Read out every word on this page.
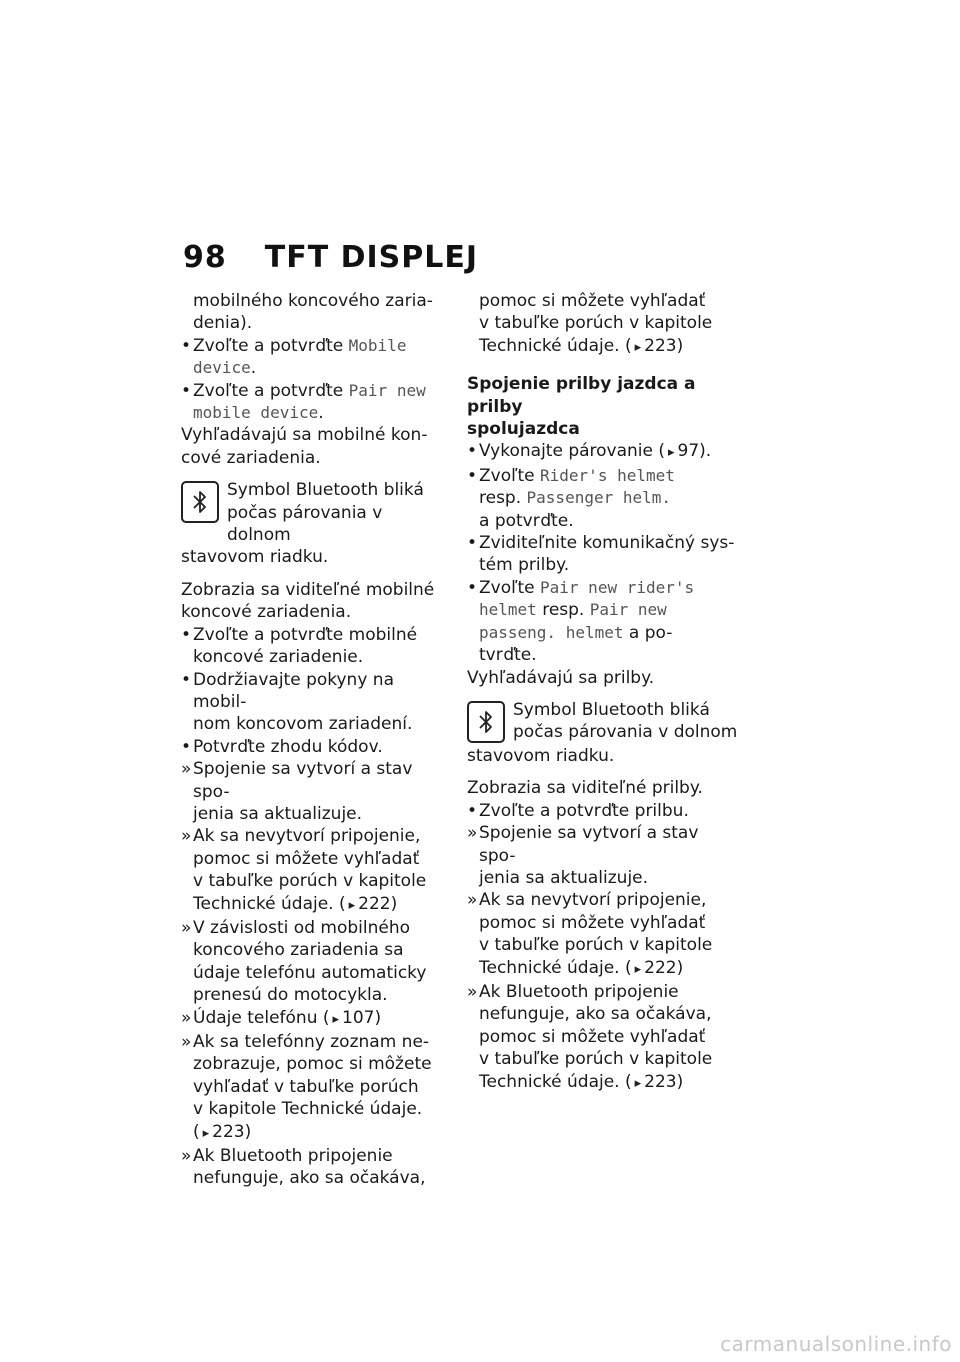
98 TFT DISPLEJ

mobilného koncového zaria-

denia).

• Zvoľte a potvrďte Mobile
device.
• Zvoľte a potvrďte Pair new
mobile device.

Vyhľadávajú sa mobilné kon-

cové zariadenia.

Symbol Bluetooth bliká
počas párovania v dolnom
stavovom riadku.

Zobrazia sa viditeľné mobilné

koncové zariadenia.

• Zvoľte a potvrďte mobilné
koncové zariadenie.
• Dodržiavajte pokyny na mobil-
nom koncovom zariadení.
• Potvrďte zhodu kódov.
» Spojenie sa vytvorí a stav spo-
jenia sa aktualizuje.
» Ak sa nevytvorí pripojenie,
pomoc si môžete vyhľadať
v tabuľke porúch v kapitole
Technické údaje. ( ▸ 222)
» V závislosti od mobilného
koncového zariadenia sa
údaje telefónu automaticky
prenesú do motocykla.
» Údaje telefónu ( ▸ 107)
» Ak sa telefónny zoznam ne-
zobrazuje, pomoc si môžete
vyhľadať v tabuľke porúch
v kapitole Technické údaje.
( ▸ 223)
» Ak Bluetooth pripojenie
nefunguje, ako sa očakáva,

pomoc si môžete vyhľadať

v tabuľke porúch v kapitole

Technické údaje. ( ▸ 223)

Spojenie prilby jazdca a prilby

spolujazdca

• Vykonajte párovanie ( ▸ 97).
• Zvoľte Rider's helmet
resp. Passenger helm.
a potvrďte.
• Zviditeľnite komunikačný sys-
tém prilby.
• Zvoľte Pair new rider's
helmet resp. Pair new
passeng. helmet a po-
tvrďte.

Vyhľadávajú sa prilby.

Symbol Bluetooth bliká
počas párovania v dolnom
stavovom riadku.

Zobrazia sa viditeľné prilby.

• Zvoľte a potvrďte prilbu.
» Spojenie sa vytvorí a stav spo-
jenia sa aktualizuje.
» Ak sa nevytvorí pripojenie,
pomoc si môžete vyhľadať
v tabuľke porúch v kapitole
Technické údaje. ( ▸ 222)
» Ak Bluetooth pripojenie
nefunguje, ako sa očakáva,
pomoc si môžete vyhľadať
v tabuľke porúch v kapitole
Technické údaje. ( ▸ 223)
carmanualsonline.info
